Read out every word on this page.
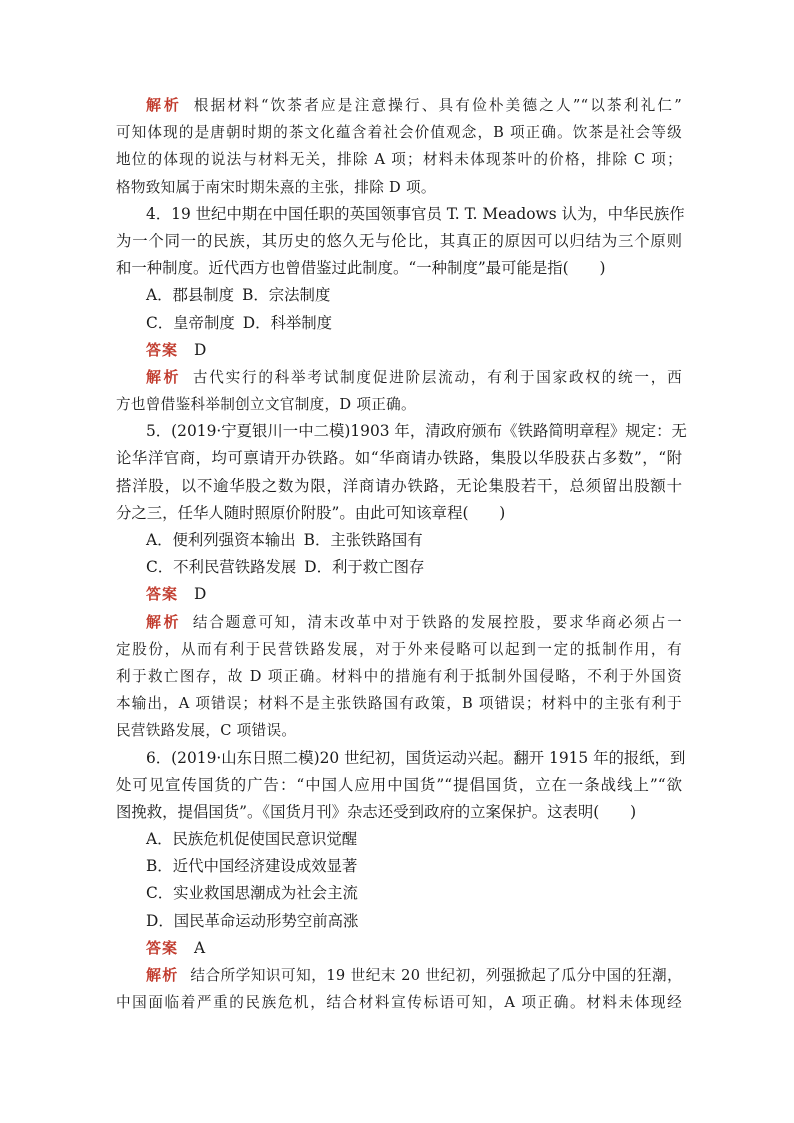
解析 根据材料“饮茶者应是注意操行、具有俭朴美德之人”“以茶利礼仁”
可知体现的是唐朝时期的茶文化蕴含着社会价值观念，B 项正确。饮茶是社会等级
地位的体现的说法与材料无关，排除 A 项；材料未体现茶叶的价格，排除 C 项；
格物致知属于南宋时期朱熹的主张，排除 D 项。
4．19 世纪中期在中国任职的英国领事官员 T. T. Meadows 认为，中华民族作
为一个同一的民族，其历史的悠久无与伦比，其真正的原因可以归结为三个原则
和一种制度。近代西方也曾借鉴过此制度。“一种制度”最可能是指(　　)
A．郡县制度 B．宗法制度
C．皇帝制度 D．科举制度
答案 D
解析 古代实行的科举考试制度促进阶层流动，有利于国家政权的统一，西
方也曾借鉴科举制创立文官制度，D 项正确。
5．(2019·宁夏银川一中二模)1903 年，清政府颁布《铁路简明章程》规定：无
论华洋官商，均可禀请开办铁路。如“华商请办铁路，集股以华股获占多数”，“附
搭洋股，以不逾华股之数为限，洋商请办铁路，无论集股若干，总须留出股额十
分之三，任华人随时照原价附股”。由此可知该章程(　　)
A．便利列强资本输出 B．主张铁路国有
C．不利民营铁路发展 D．利于救亡图存
答案 D
解析 结合题意可知，清末改革中对于铁路的发展控股，要求华商必须占一
定股份，从而有利于民营铁路发展，对于外来侵略可以起到一定的抵制作用，有
利于救亡图存，故 D 项正确。材料中的措施有利于抵制外国侵略，不利于外国资
本输出，A 项错误；材料不是主张铁路国有政策，B 项错误；材料中的主张有利于
民营铁路发展，C 项错误。
6．(2019·山东日照二模)20 世纪初，国货运动兴起。翻开 1915 年的报纸，到
处可见宣传国货的广告：“中国人应用中国货”“提倡国货，立在一条战线上”“欲
图挽救，提倡国货”。《国货月刊》杂志还受到政府的立案保护。这表明(　　)
A．民族危机促使国民意识觉醒
B．近代中国经济建设成效显著
C．实业救国思潮成为社会主流
D．国民革命运动形势空前高涨
答案 A
解析 结合所学知识可知，19 世纪末 20 世纪初，列强掀起了瓜分中国的狂潮，
中国面临着严重的民族危机，结合材料宣传标语可知，A 项正确。材料未体现经
